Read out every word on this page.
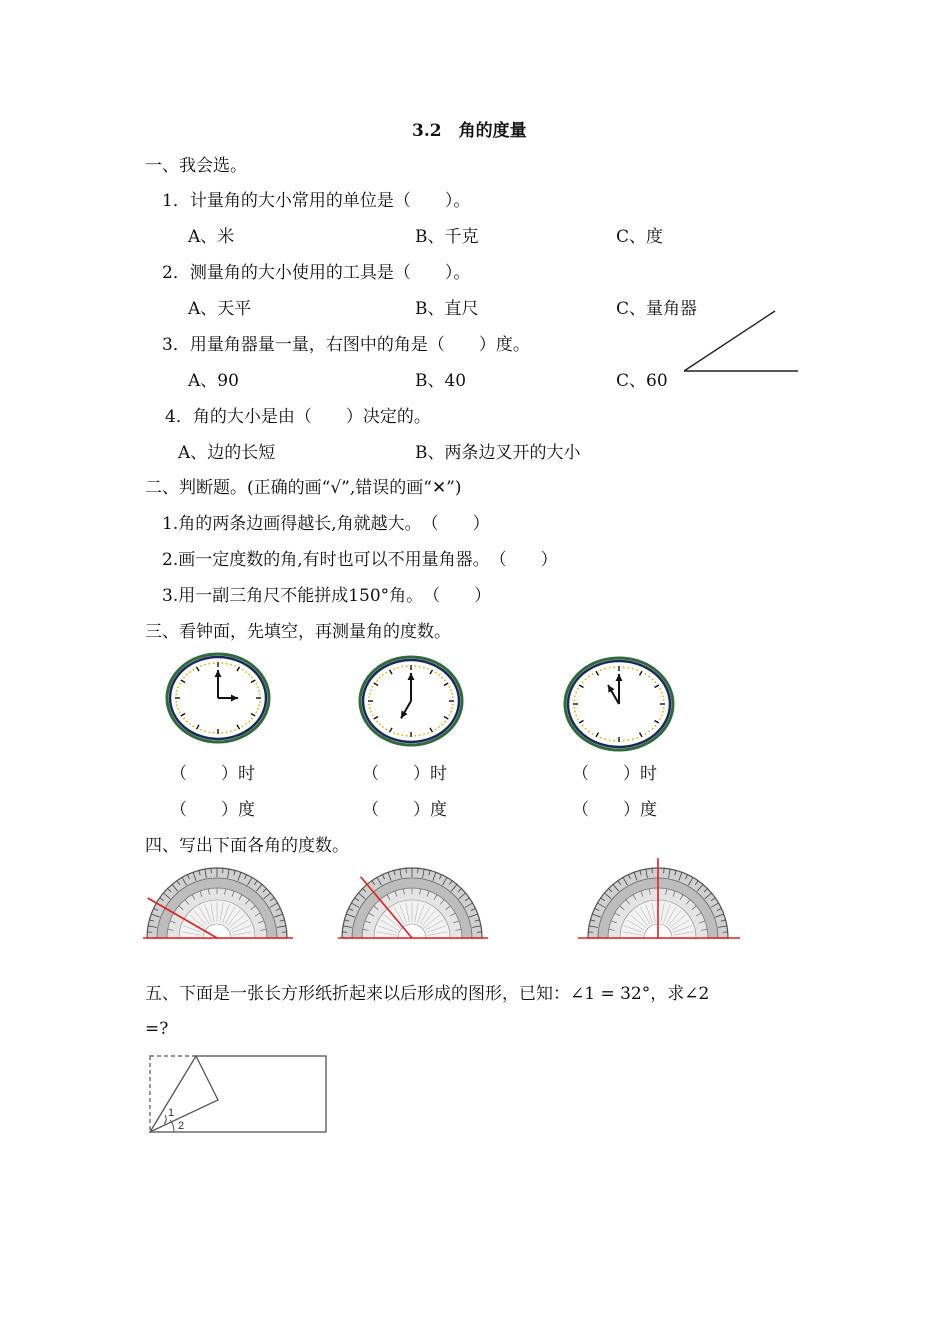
3.2　角的度量
一、我会选。
1．计量角的大小常用的单位是（　　）。
A、米	B、千克	C、度
2．测量角的大小使用的工具是（　　）。
A、天平	B、直尺	C、量角器
3．用量角器量一量，右图中的角是（　　）度。
A、90	B、40	C、60
4．角的大小是由（　　）决定的。
A、边的长短	B、两条边叉开的大小
二、判断题。(正确的画“√”,错误的画“✕”)
1.角的两条边画得越长,角就越大。　（　　）
2.画一定度数的角,有时也可以不用量角器。　（　　）
3.用一副三角尺不能拼成150°角。　（　　）
三、看钟面，先填空，再测量角的度数。
（　　）时	（　　）时	（　　）时
（　　）度	（　　）度	（　　）度
四、写出下面各角的度数。
五、下面是一张长方形纸折起来以后形成的图形，已知：∠1 = 32°，求∠2
=?
1
2
